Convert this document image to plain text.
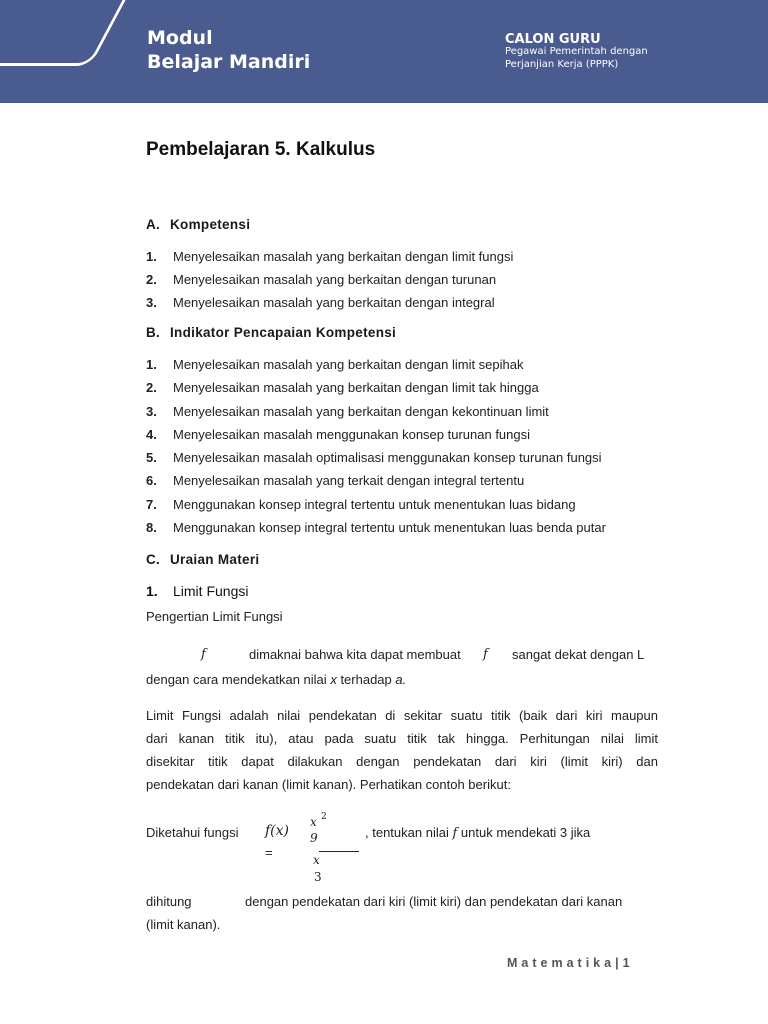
Modul
Belajar Mandiri
CALON GURU
Pegawai Pemerintah dengan
Perjanjian Kerja (PPPK)
Pembelajaran 5. Kalkulus
A. Kompetensi
1. Menyelesaikan masalah yang berkaitan dengan limit fungsi
2. Menyelesaikan masalah yang berkaitan dengan turunan
3. Menyelesaikan masalah yang berkaitan dengan integral
B. Indikator Pencapaian Kompetensi
1. Menyelesaikan masalah yang berkaitan dengan limit sepihak
2. Menyelesaikan masalah yang berkaitan dengan limit tak hingga
3. Menyelesaikan masalah yang berkaitan dengan kekontinuan limit
4. Menyelesaikan masalah menggunakan konsep turunan fungsi
5. Menyelesaikan masalah optimalisasi menggunakan konsep turunan fungsi
6. Menyelesaikan masalah yang terkait dengan integral tertentu
7. Menggunakan konsep integral tertentu untuk menentukan luas bidang
8. Menggunakan konsep integral tertentu untuk menentukan luas benda putar
C. Uraian Materi
1. Limit Fungsi
Pengertian Limit Fungsi
f	dimaknai bahwa kita dapat membuat f sangat dekat dengan L
dengan cara mendekatkan nilai x terhadap a.
Limit Fungsi adalah nilai pendekatan di sekitar suatu titik (baik dari kiri maupun
dari kanan titik itu), atau pada suatu titik tak hingga. Perhitungan nilai limit
disekitar titik dapat dilakukan dengan pendekatan dari kiri (limit kiri) dan
pendekatan dari kanan (limit kanan). Perhatikan contoh berikut:
Diketahui fungsi f(x)
=
x 2
9
x
3
, tentukan nilai f untuk mendekati 3 jika
dihitung	dengan pendekatan dari kiri (limit kiri) dan pendekatan dari kanan
(limit kanan).
Matematika|1
